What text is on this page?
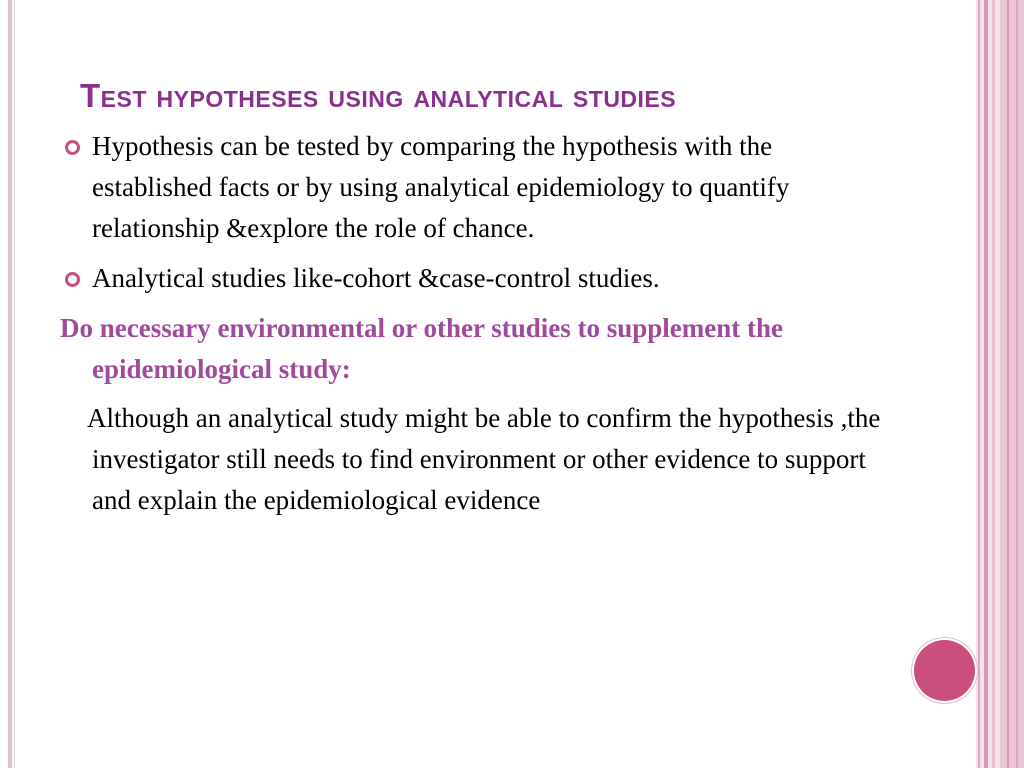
Test hypotheses using analytical studies
Hypothesis can be tested by comparing the hypothesis with the established facts or by using analytical epidemiology to quantify relationship &explore the role of chance.
Analytical studies like-cohort &case-control studies.
Do necessary environmental or other studies to supplement the epidemiological study:
Although an analytical study might be able to confirm the hypothesis ,the investigator still needs to find environment or other evidence to support and explain the epidemiological evidence
